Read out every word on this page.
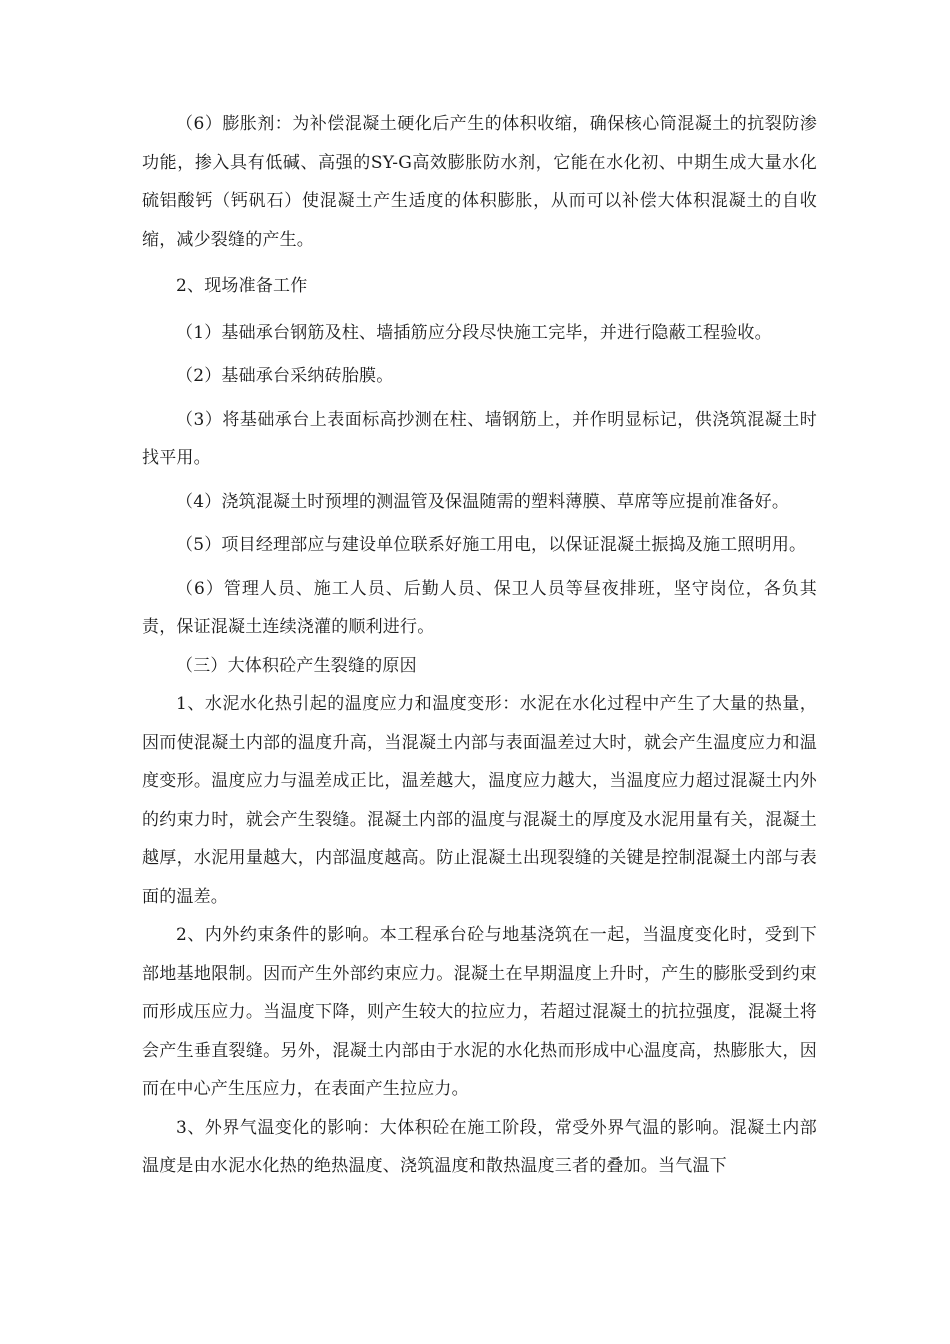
（6）膨胀剂：为补偿混凝土硬化后产生的体积收缩，确保核心筒混凝土的抗裂防渗功能，掺入具有低碱、高强的SY-G高效膨胀防水剂，它能在水化初、中期生成大量水化硫铝酸钙（钙矾石）使混凝土产生适度的体积膨胀，从而可以补偿大体积混凝土的自收缩，减少裂缝的产生。

2、现场准备工作

（1）基础承台钢筋及柱、墙插筋应分段尽快施工完毕，并进行隐蔽工程验收。

（2）基础承台采纳砖胎膜。

（3）将基础承台上表面标高抄测在柱、墙钢筋上，并作明显标记，供浇筑混凝土时找平用。

（4）浇筑混凝土时预埋的测温管及保温随需的塑料薄膜、草席等应提前准备好。

（5）项目经理部应与建设单位联系好施工用电，以保证混凝土振捣及施工照明用。

（6）管理人员、施工人员、后勤人员、保卫人员等昼夜排班，坚守岗位，各负其责，保证混凝土连续浇灌的顺利进行。

（三）大体积砼产生裂缝的原因

1、水泥水化热引起的温度应力和温度变形：水泥在水化过程中产生了大量的热量，因而使混凝土内部的温度升高，当混凝土内部与表面温差过大时，就会产生温度应力和温度变形。温度应力与温差成正比，温差越大，温度应力越大，当温度应力超过混凝土内外的约束力时，就会产生裂缝。混凝土内部的温度与混凝土的厚度及水泥用量有关，混凝土越厚，水泥用量越大，内部温度越高。防止混凝土出现裂缝的关键是控制混凝土内部与表面的温差。

2、内外约束条件的影响。本工程承台砼与地基浇筑在一起，当温度变化时，受到下部地基地限制。因而产生外部约束应力。混凝土在早期温度上升时，产生的膨胀受到约束而形成压应力。当温度下降，则产生较大的拉应力，若超过混凝土的抗拉强度，混凝土将会产生垂直裂缝。另外，混凝土内部由于水泥的水化热而形成中心温度高，热膨胀大，因而在中心产生压应力，在表面产生拉应力。

3、外界气温变化的影响：大体积砼在施工阶段，常受外界气温的影响。混凝土内部温度是由水泥水化热的绝热温度、浇筑温度和散热温度三者的叠加。当气温下
